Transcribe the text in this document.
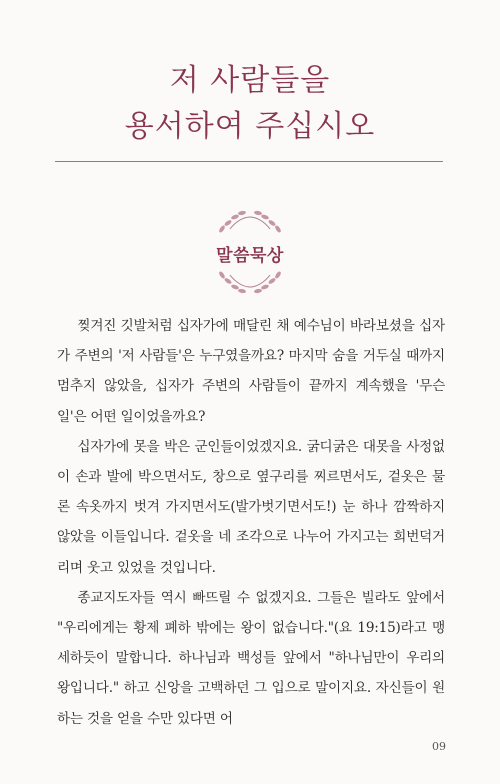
저 사람들을
용서하여 주십시오
말씀묵상

찢겨진 깃발처럼 십자가에 매달린 채 예수님이 바라보셨을 십자가 주변의 '저 사람들'은 누구였을까요? 마지막 숨을 거두실 때까지 멈추지 않았을, 십자가 주변의 사람들이 끝까지 계속했을 '무슨 일'은 어떤 일이었을까요?

십자가에 못을 박은 군인들이었겠지요. 굵디굵은 대못을 사정없이 손과 발에 박으면서도, 창으로 옆구리를 찌르면서도, 겉옷은 물론 속옷까지 벗겨 가지면서도(발가벗기면서도!) 눈 하나 깜짝하지 않았을 이들입니다. 겉옷을 네 조각으로 나누어 가지고는 희번덕거리며 웃고 있었을 것입니다.

종교지도자들 역시 빠뜨릴 수 없겠지요. 그들은 빌라도 앞에서 "우리에게는 황제 폐하 밖에는 왕이 없습니다."(요 19:15)라고 맹세하듯이 말합니다. 하나님과 백성들 앞에서 "하나님만이 우리의 왕입니다." 하고 신앙을 고백하던 그 입으로 말이지요. 자신들이 원하는 것을 얻을 수만 있다면 어

09
